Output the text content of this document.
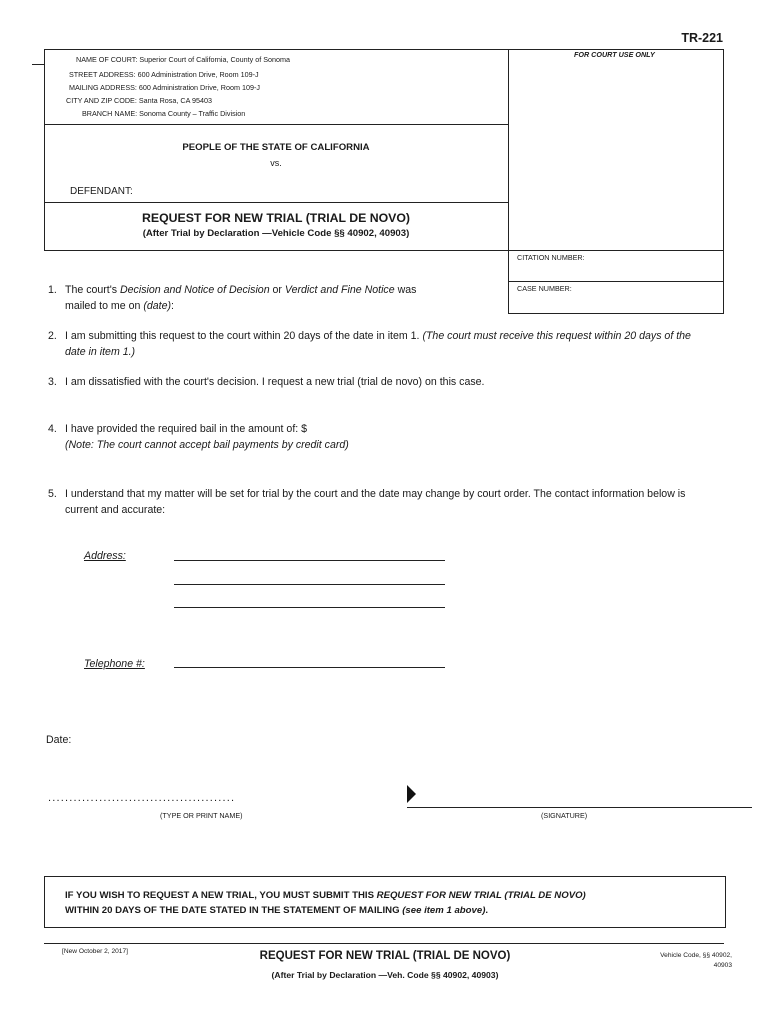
TR-221
NAME OF COURT: Superior Court of California, County of Sonoma
STREET ADDRESS: 600 Administration Drive, Room 109-J
MAILING ADDRESS: 600 Administration Drive, Room 109-J
CITY AND ZIP CODE: Santa Rosa, CA 95403
BRANCH NAME: Sonoma County – Traffic Division
FOR COURT USE ONLY
PEOPLE OF THE STATE OF CALIFORNIA
vs.
DEFENDANT:
REQUEST FOR NEW TRIAL (TRIAL DE NOVO)
(After Trial by Declaration —Vehicle Code §§ 40902, 40903)
CITATION NUMBER:
CASE NUMBER:
1. The court's Decision and Notice of Decision or Verdict and Fine Notice was
mailed to me on (date):
2. I am submitting this request to the court within 20 days of the date in item 1. (The court must receive this request within 20 days of the
date in item 1.)
3. I am dissatisfied with the court's decision. I request a new trial (trial de novo) on this case.
4. I have provided the required bail in the amount of: $
(Note: The court cannot accept bail payments by credit card)
5. I understand that my matter will be set for trial by the court and the date may change by court order. The contact information below is
current and accurate:
Address:
Telephone #:
Date:
............................................
(TYPE OR PRINT NAME)	(SIGNATURE)
IF YOU WISH TO REQUEST A NEW TRIAL, YOU MUST SUBMIT THIS REQUEST FOR NEW TRIAL (TRIAL DE NOVO)
WITHIN 20 DAYS OF THE DATE STATED IN THE STATEMENT OF MAILING (see item 1 above).
[New October 2, 2017]	REQUEST FOR NEW TRIAL (TRIAL DE NOVO)
(After Trial by Declaration —Veh. Code §§ 40902, 40903)
Vehicle Code, §§ 40902,
40903
